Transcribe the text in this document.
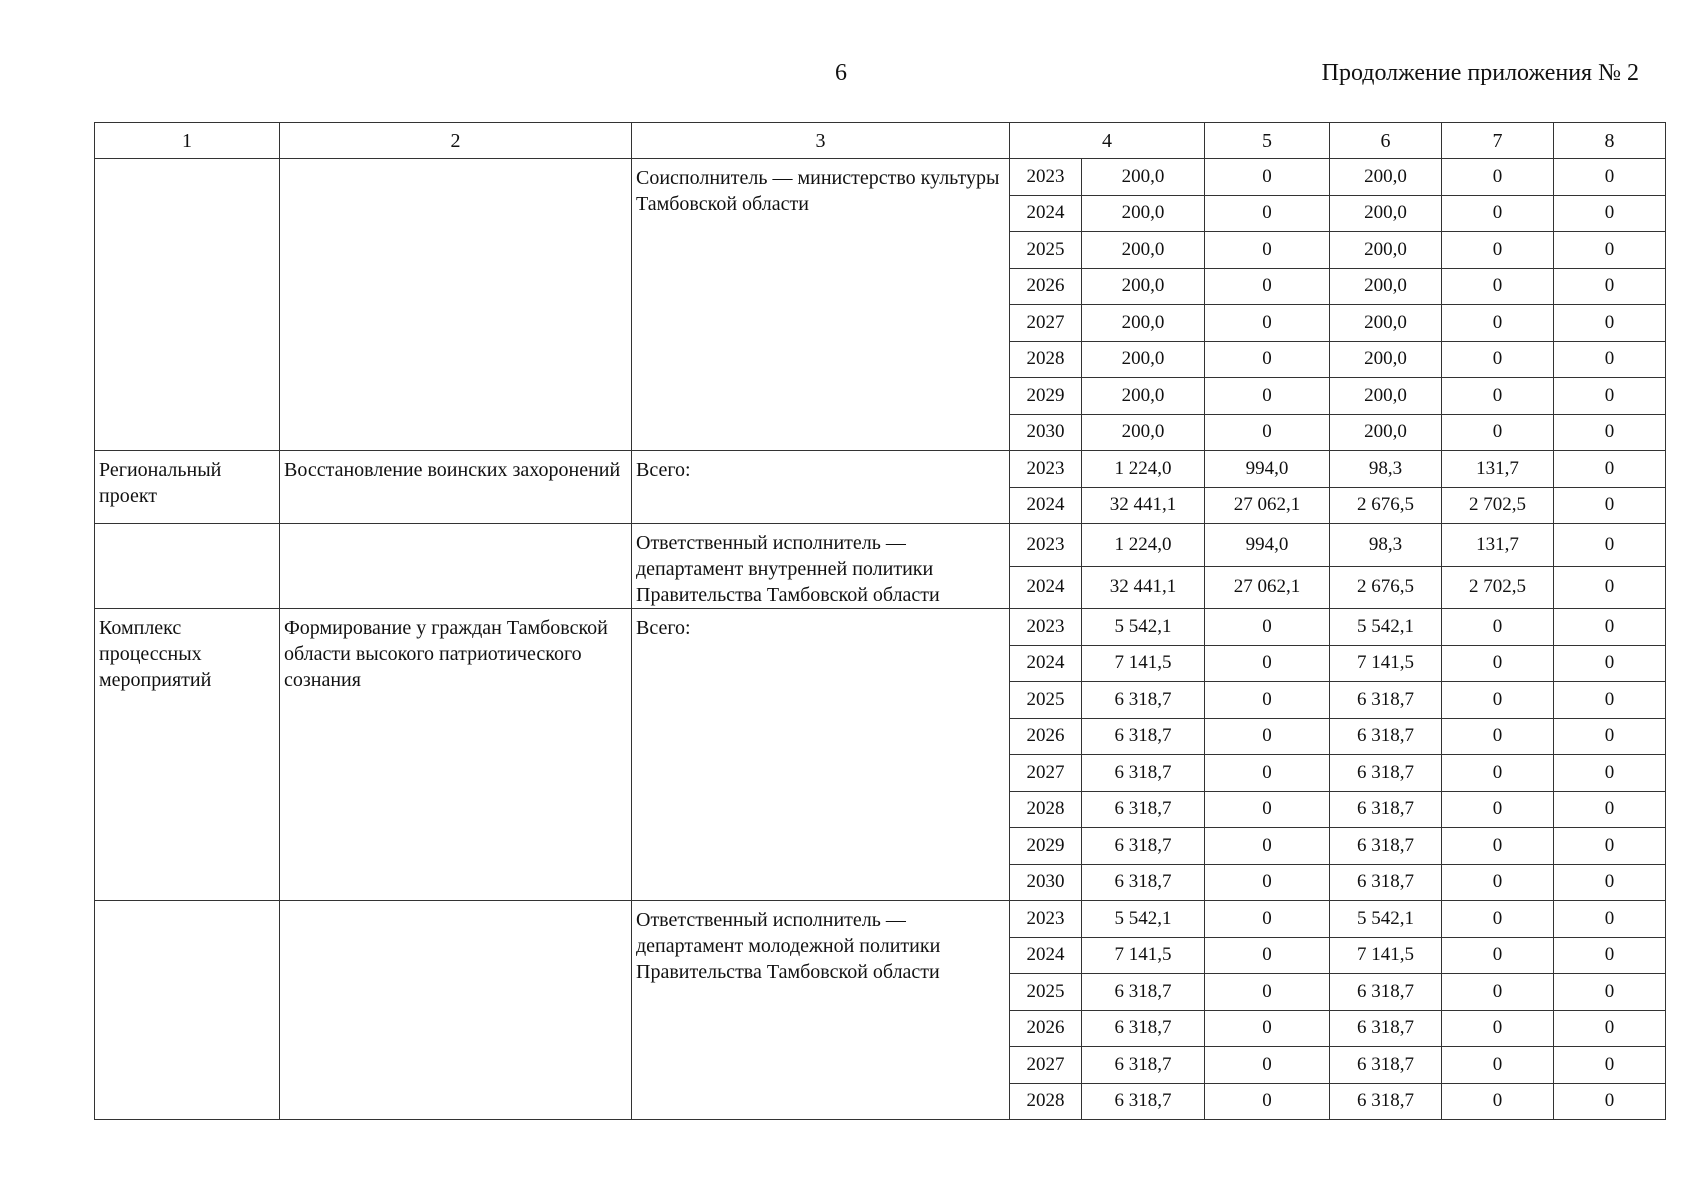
6	Продолжение приложения № 2
1	2	3	4		5	6	7	8
		Соисполнитель — министерство культуры Тамбовской области	2023	200,0	0	200,0	0	0
			2024	200,0	0	200,0	0	0
			2025	200,0	0	200,0	0	0
			2026	200,0	0	200,0	0	0
			2027	200,0	0	200,0	0	0
			2028	200,0	0	200,0	0	0
			2029	200,0	0	200,0	0	0
			2030	200,0	0	200,0	0	0
Региональный проект	Восстановление воинских захоронений	Всего:	2023	1 224,0	994,0	98,3	131,7	0
			2024	32 441,1	27 062,1	2 676,5	2 702,5	0
		Ответственный исполнитель — департамент внутренней политики Правительства Тамбовской области	2023	1 224,0	994,0	98,3	131,7	0
			2024	32 441,1	27 062,1	2 676,5	2 702,5	0
Комплекс процессных мероприятий	Формирование у граждан Тамбовской области высокого патриотического сознания	Всего:	2023	5 542,1	0	5 542,1	0	0
			2024	7 141,5	0	7 141,5	0	0
			2025	6 318,7	0	6 318,7	0	0
			2026	6 318,7	0	6 318,7	0	0
			2027	6 318,7	0	6 318,7	0	0
			2028	6 318,7	0	6 318,7	0	0
			2029	6 318,7	0	6 318,7	0	0
			2030	6 318,7	0	6 318,7	0	0
		Ответственный исполнитель — департамент молодежной политики Правительства Тамбовской области	2023	5 542,1	0	5 542,1	0	0
			2024	7 141,5	0	7 141,5	0	0
			2025	6 318,7	0	6 318,7	0	0
			2026	6 318,7	0	6 318,7	0	0
			2027	6 318,7	0	6 318,7	0	0
			2028	6 318,7	0	6 318,7	0	0
